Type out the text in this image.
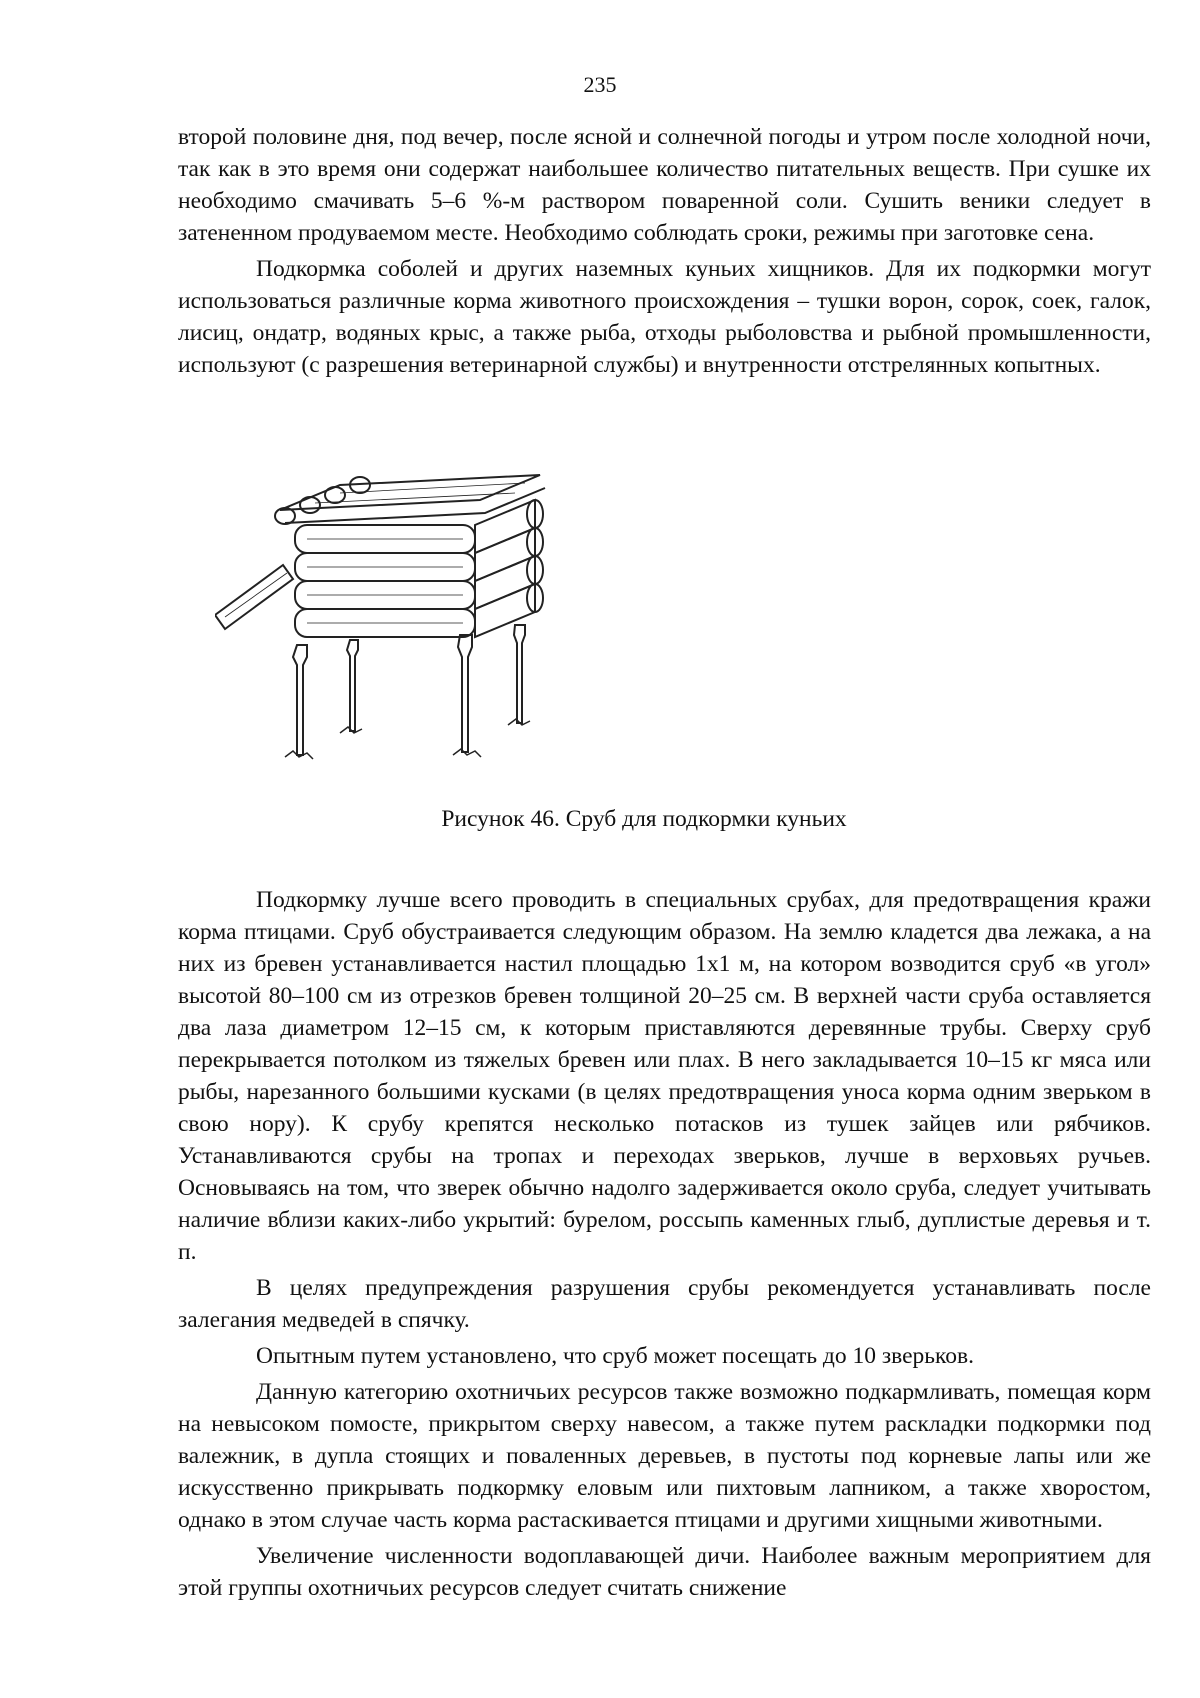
235

второй половине дня, под вечер, после ясной и солнечной погоды и утром после холодной ночи, так как в это время они содержат наибольшее количество питательных веществ. При сушке их необходимо смачивать 5–6 %-м раствором поваренной соли. Сушить веники следует в затененном продуваемом месте. Необходимо соблюдать сроки, режимы при заготовке сена.

Подкормка соболей и других наземных куньих хищников. Для их подкормки могут использоваться различные корма животного происхождения – тушки ворон, сорок, соек, галок, лисиц, ондатр, водяных крыс, а также рыба, отходы рыболовства и рыбной промышленности, используют (с разрешения ветеринарной службы) и внутренности отстрелянных копытных.

Рисунок 46. Сруб для подкормки куньих

Подкормку лучше всего проводить в специальных срубах, для предотвращения кражи корма птицами. Сруб обустраивается следующим образом. На землю кладется два лежака, а на них из бревен устанавливается настил площадью 1х1 м, на котором возводится сруб «в угол» высотой 80–100 см из отрезков бревен толщиной 20–25 см. В верхней части сруба оставляется два лаза диаметром 12–15 см, к которым приставляются деревянные трубы. Сверху сруб перекрывается потолком из тяжелых бревен или плах. В него закладывается 10–15 кг мяса или рыбы, нарезанного большими кусками (в целях предотвращения уноса корма одним зверьком в свою нору). К срубу крепятся несколько потасков из тушек зайцев или рябчиков. Устанавливаются срубы на тропах и переходах зверьков, лучше в верховьях ручьев. Основываясь на том, что зверек обычно надолго задерживается около сруба, следует учитывать наличие вблизи каких-либо укрытий: бурелом, россыпь каменных глыб, дуплистые деревья и т. п.

В целях предупреждения разрушения срубы рекомендуется устанавливать после залегания медведей в спячку.

Опытным путем установлено, что сруб может посещать до 10 зверьков.

Данную категорию охотничьих ресурсов также возможно подкармливать, помещая корм на невысоком помосте, прикрытом сверху навесом, а также путем раскладки подкормки под валежник, в дупла стоящих и поваленных деревьев, в пустоты под корневые лапы или же искусственно прикрывать подкормку еловым или пихтовым лапником, а также хворостом, однако в этом случае часть корма растаскивается птицами и другими хищными животными.

Увеличение численности водоплавающей дичи. Наиболее важным мероприятием для этой группы охотничьих ресурсов следует считать снижение
